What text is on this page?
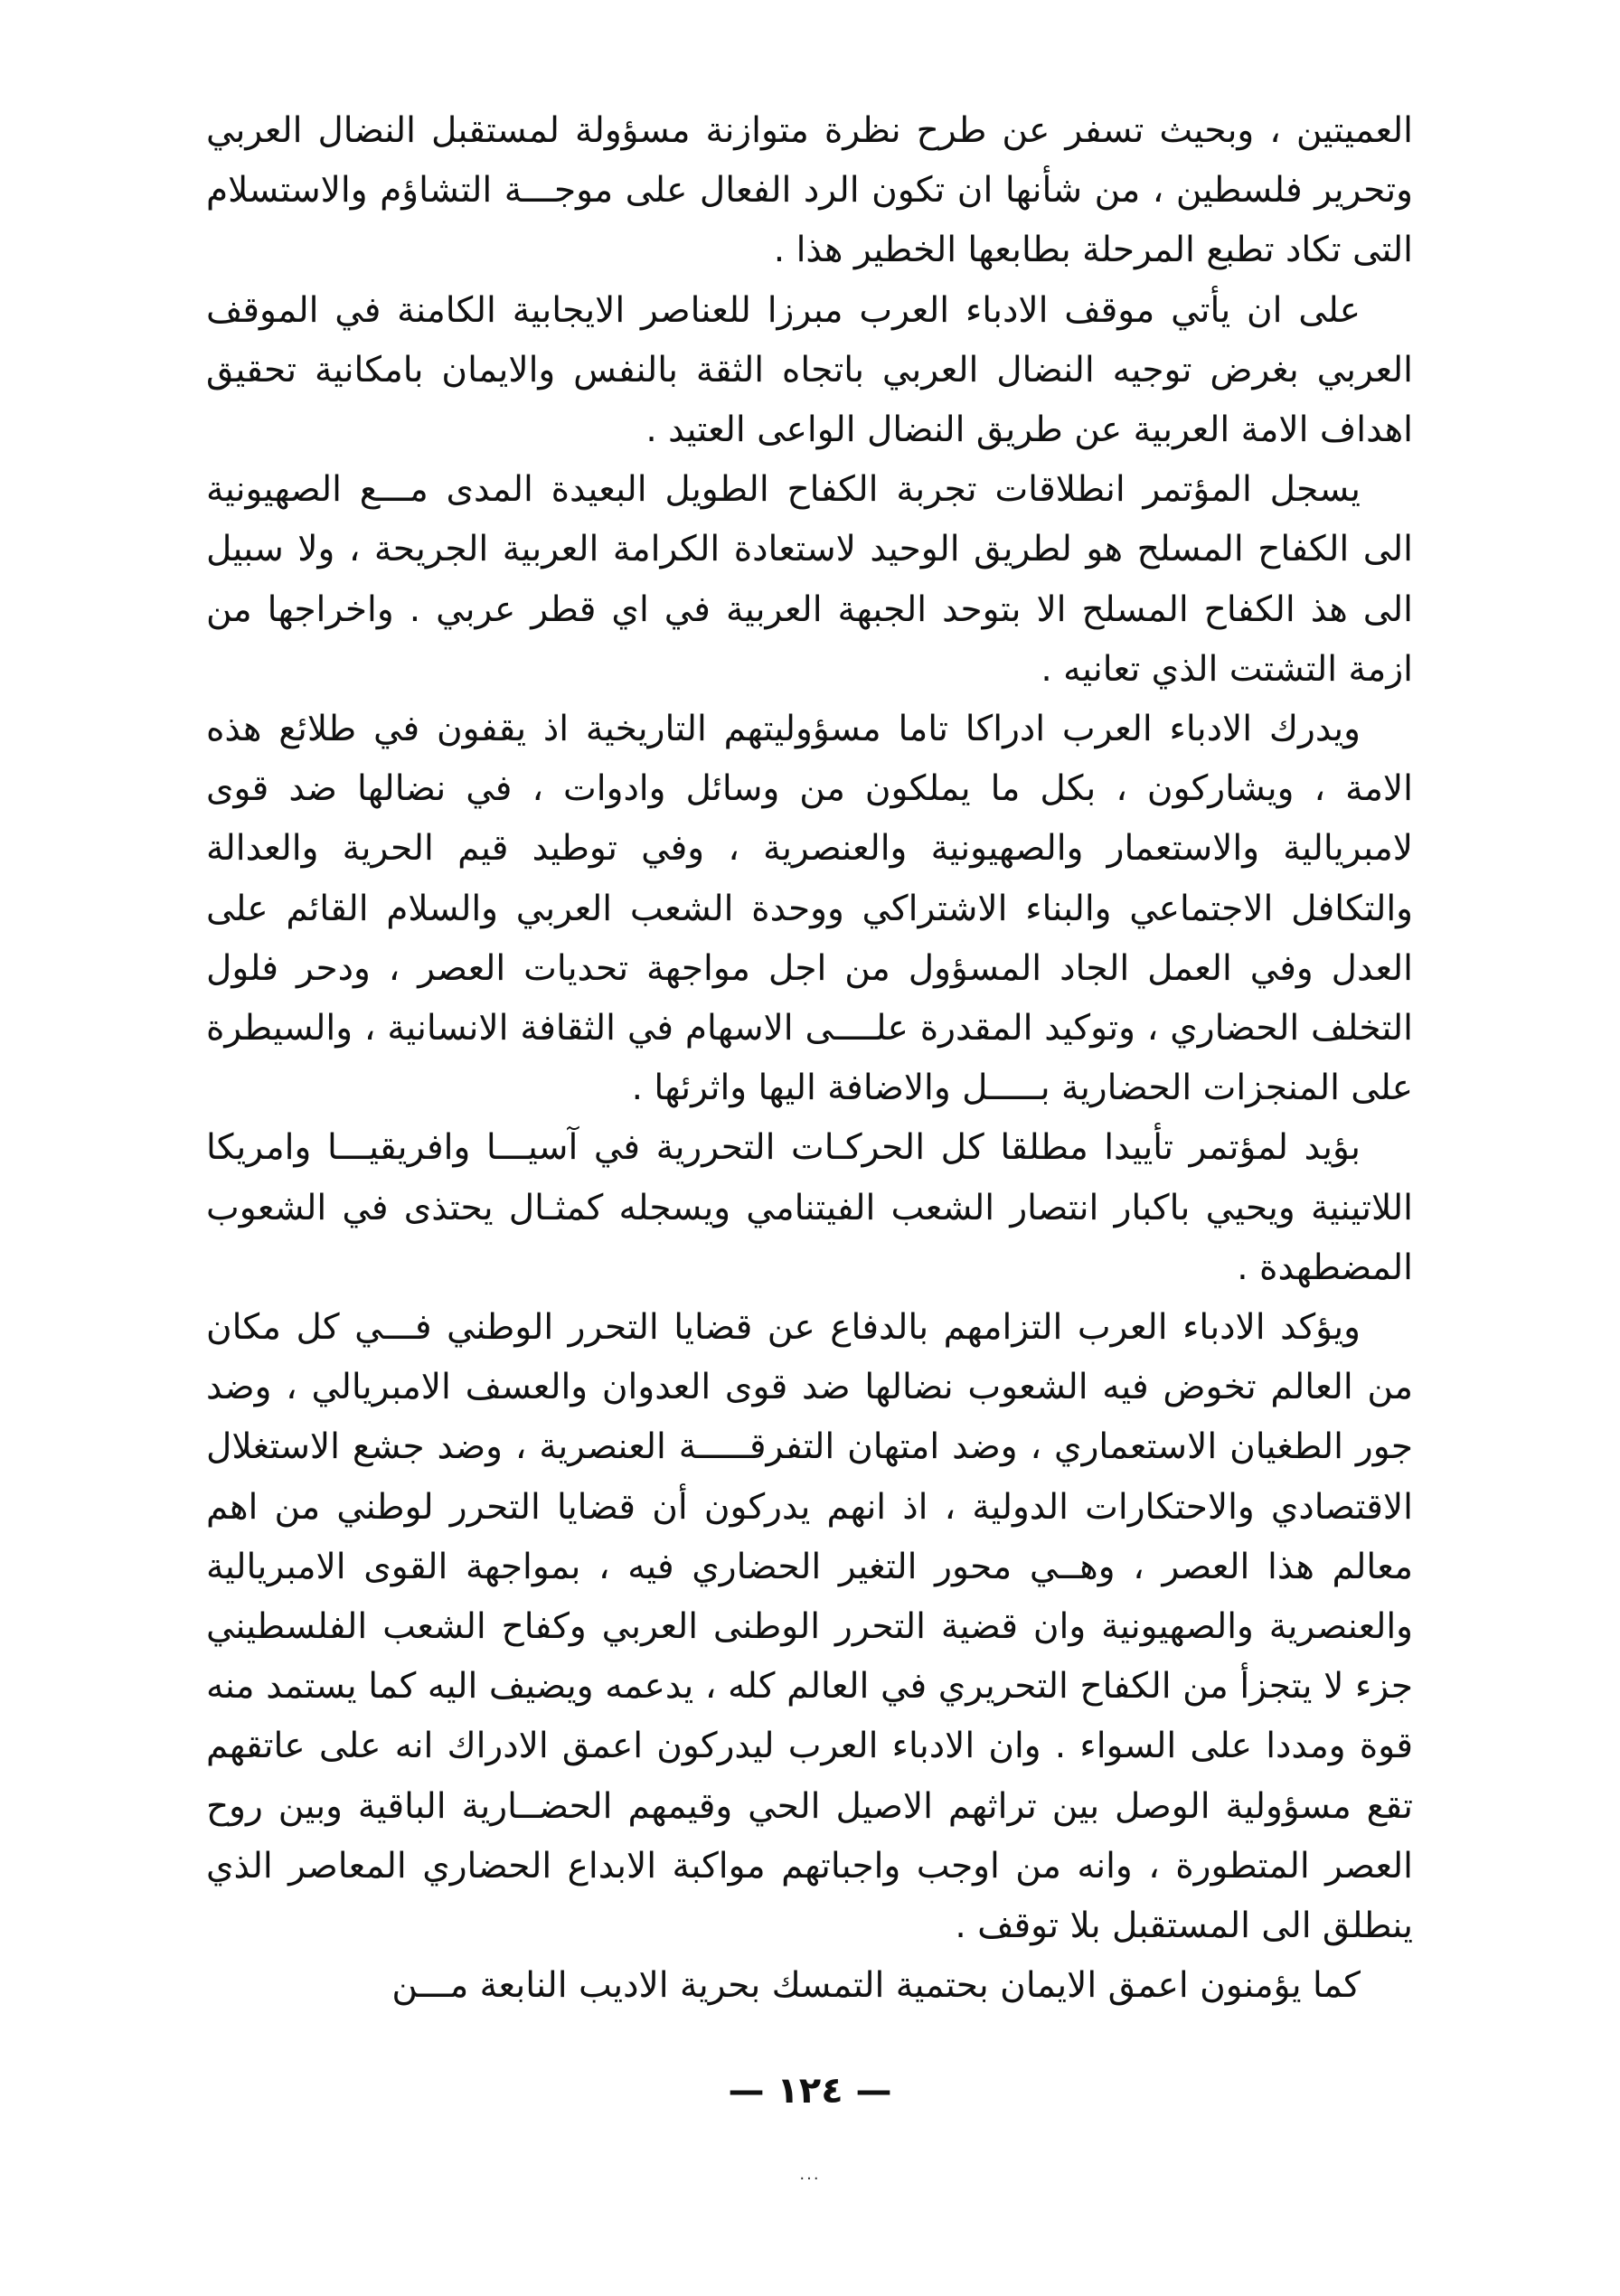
العميتين ، وبحيث تسفر عن طرح نظرة متوازنة مسؤولة لمستقبل النضال العربي وتحرير فلسطين ، من شأنها ان تكون الرد الفعال على موجـــة التشاؤم والاستسلام التى تكاد تطبع المرحلة بطابعها الخطير هذا .

على ان يأتي موقف الادباء العرب مبرزا للعناصر الايجابية الكامنة في الموقف العربي بغرض توجيه النضال العربي باتجاه الثقة بالنفس والايمان بامكانية تحقيق اهداف الامة العربية عن طريق النضال الواعى العتيد .

يسجل المؤتمر انطلاقات تجربة الكفاح الطويل البعيدة المدى مـــع الصهيونية الى الكفاح المسلح هو لطريق الوحيد لاستعادة الكرامة العربية الجريحة ، ولا سبيل الى هذ الكفاح المسلح الا بتوحد الجبهة العربية في اي قطر عربي . واخراجها من ازمة التشتت الذي تعانيه .

ويدرك الادباء العرب ادراكا تاما مسؤوليتهم التاريخية اذ يقفون في طلائع هذه الامة ، ويشاركون ، بكل ما يملكون من وسائل وادوات ، في نضالها ضد قوى لامبريالية والاستعمار والصهيونية والعنصرية ، وفي توطيد قيم الحرية والعدالة والتكافل الاجتماعي والبناء الاشتراكي ووحدة الشعب العربي والسلام القائم على العدل وفي العمل الجاد المسؤول من اجل مواجهة تحديات العصر ، ودحر فلول التخلف الحضاري ، وتوكيد المقدرة علــــى الاسهام في الثقافة الانسانية ، والسيطرة على المنجزات الحضارية بـــــل والاضافة اليها واثرئها .

بؤيد لمؤتمر تأييدا مطلقا كل الحركـات التحررية في آسيـــا وافريقيـــا وامريكا اللاتينية ويحيي باكبار انتصار الشعب الفيتنامي ويسجله كمثـال يحتذى في الشعوب المضطهدة .

ويؤكد الادباء العرب التزامهم بالدفاع عن قضايا التحرر الوطني فـــي كل مكان من العالم تخوض فيه الشعوب نضالها ضد قوى العدوان والعسف الامبريالي ، وضد جور الطغيان الاستعماري ، وضد امتهان التفرقـــــة العنصرية ، وضد جشع الاستغلال الاقتصادي والاحتكارات الدولية ، اذ انهم يدركون أن قضايا التحرر لوطني من اهم معالم هذا العصر ، وهــي محور التغير الحضاري فيه ، بمواجهة القوى الامبريالية والعنصرية والصهيونية وان قضية التحرر الوطنى العربي وكفاح الشعب الفلسطيني جزء لا يتجزأ من الكفاح التحريري في العالم كله ، يدعمه ويضيف اليه كما يستمد منه قوة ومددا على السواء . وان الادباء العرب ليدركون اعمق الادراك انه على عاتقهم تقع مسؤولية الوصل بين تراثهم الاصيل الحي وقيمهم الحضــارية الباقية وبين روح العصر المتطورة ، وانه من اوجب واجباتهم مواكبة الابداع الحضاري المعاصر الذي ينطلق الى المستقبل بلا توقف .

كما يؤمنون اعمق الايمان بحتمية التمسك بحرية الاديب النابعة مـــن

— ١٢٤ —
...
